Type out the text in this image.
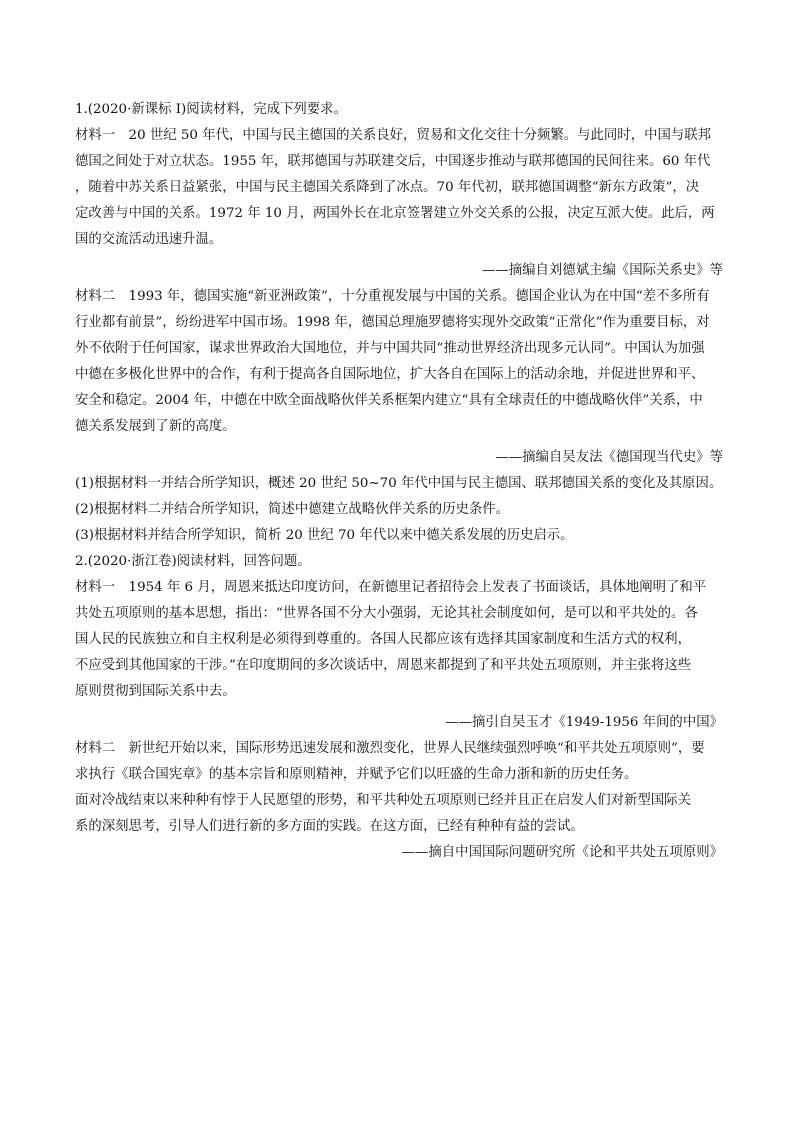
1.(2020·新课标 I)阅读材料，完成下列要求。

材料一　20 世纪 50 年代，中国与民主德国的关系良好，贸易和文化交往十分频繁。与此同时，中国与联邦

德国之间处于对立状态。1955 年，联邦德国与苏联建交后，中国逐步推动与联邦德国的民间往来。60 年代

，随着中苏关系日益紧张，中国与民主德国关系降到了冰点。70 年代初，联邦德国调整“新东方政策”，决

定改善与中国的关系。1972 年 10 月，两国外长在北京签署建立外交关系的公报，决定互派大使。此后，两

国的交流活动迅速升温。

——摘编自刘德斌主编《国际关系史》等

材料二　1993 年，德国实施“新亚洲政策”，十分重视发展与中国的关系。德国企业认为在中国“差不多所有

行业都有前景”，纷纷进军中国市场。1998 年，德国总理施罗德将实现外交政策“正常化”作为重要目标，对

外不依附于任何国家，谋求世界政治大国地位，并与中国共同“推动世界经济出现多元认同”。中国认为加强

中德在多极化世界中的合作，有利于提高各自国际地位，扩大各自在国际上的活动余地，并促进世界和平、

安全和稳定。2004 年，中德在中欧全面战略伙伴关系框架内建立“具有全球责任的中德战略伙伴”关系，中

德关系发展到了新的高度。

——摘编自吴友法《德国现当代史》等

(1)根据材料一并结合所学知识，概述 20 世纪 50~70 年代中国与民主德国、联邦德国关系的变化及其原因。

(2)根据材料二并结合所学知识，简述中德建立战略伙伴关系的历史条件。

(3)根据材料并结合所学知识，简析 20 世纪 70 年代以来中德关系发展的历史启示。

2.(2020·浙江卷)阅读材料，回答问题。

材料一　1954 年 6 月，周恩来抵达印度访问，在新德里记者招待会上发表了书面谈话，具体地阐明了和平

共处五项原则的基本思想，指出：“世界各国不分大小强弱，无论其社会制度如何，是可以和平共处的。各

国人民的民族独立和自主权利是必须得到尊重的。各国人民都应该有选择其国家制度和生活方式的权利，

不应受到其他国家的干涉。”在印度期间的多次谈话中，周恩来都提到了和平共处五项原则，并主张将这些

原则贯彻到国际关系中去。

——摘引自吴玉才《1949-1956 年间的中国》

材料二　新世纪开始以来，国际形势迅速发展和激烈变化，世界人民继续强烈呼唤“和平共处五项原则”，要

求执行《联合国宪章》的基本宗旨和原则精神，并赋予它们以旺盛的生命力浙和新的历史任务。

面对冷战结束以来种种有悖于人民愿望的形势，和平共种处五项原则已经并且正在启发人们对新型国际关

系的深刻思考，引导人们进行新的多方面的实践。在这方面，已经有种种有益的尝试。

——摘自中国国际问题研究所《论和平共处五项原则》
